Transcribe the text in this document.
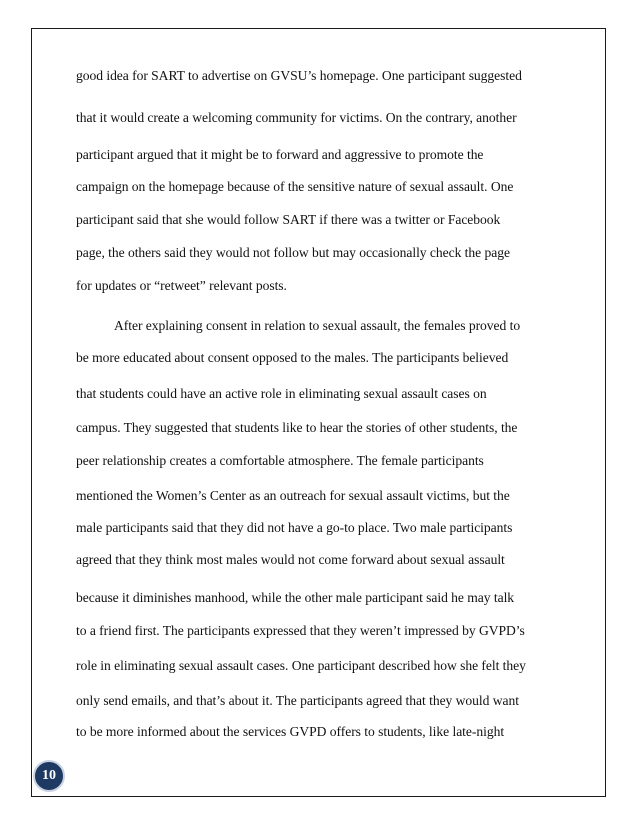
good idea for SART to advertise on GVSU’s homepage. One participant suggested
that it would create a welcoming community for victims. On the contrary, another
participant argued that it might be to forward and aggressive to promote the
campaign on the homepage because of the sensitive nature of sexual assault. One
participant said that she would follow SART if there was a twitter or Facebook
page, the others said they would not follow but may occasionally check the page
for updates or “retweet” relevant posts.
After explaining consent in relation to sexual assault, the females proved to
be more educated about consent opposed to the males. The participants believed
that students could have an active role in eliminating sexual assault cases on
campus. They suggested that students like to hear the stories of other students, the
peer relationship creates a comfortable atmosphere. The female participants
mentioned the Women’s Center as an outreach for sexual assault victims, but the
male participants said that they did not have a go-to place. Two male participants
agreed that they think most males would not come forward about sexual assault
because it diminishes manhood, while the other male participant said he may talk
to a friend first. The participants expressed that they weren’t impressed by GVPD’s
role in eliminating sexual assault cases. One participant described how she felt they
only send emails, and that’s about it. The participants agreed that they would want
to be more informed about the services GVPD offers to students, like late-night
10
